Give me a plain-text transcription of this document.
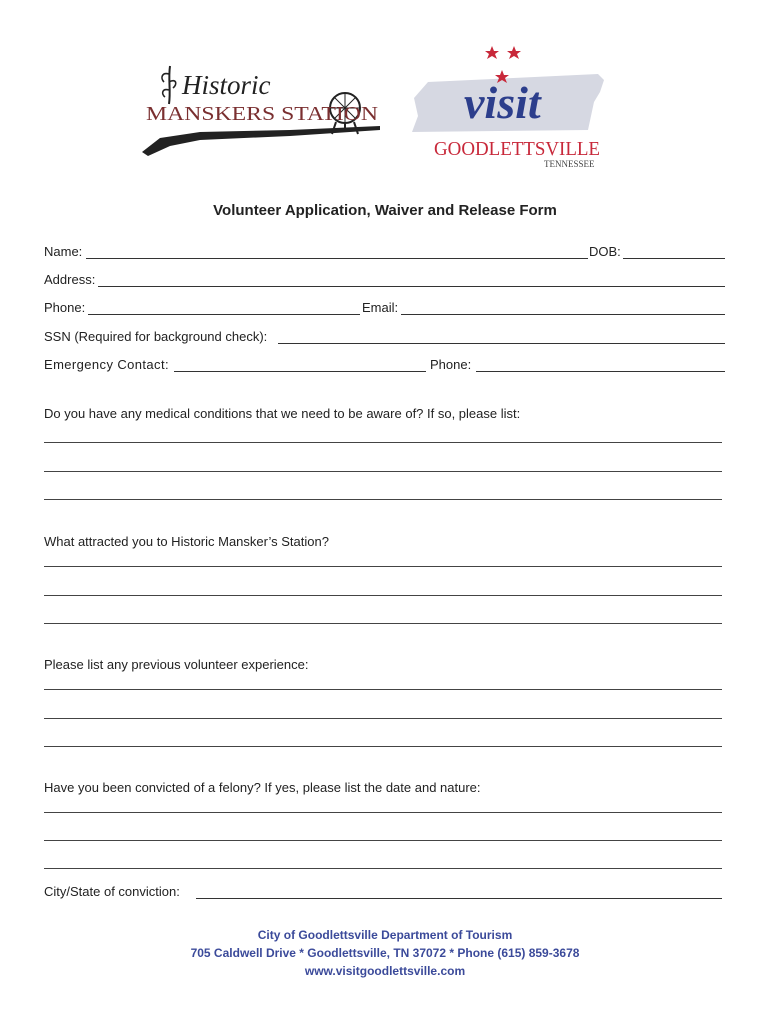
Historic
MANSKERS STATION visit
GOODLETTSVILLE
TENNESSEE
Volunteer Application, Waiver and Release Form
Name:	DOB:
Address:
Phone:	Email:
SSN (Required for background check):
Emergency Contact:	Phone:
Do you have any medical conditions that we need to be aware of? If so, please list:
What attracted you to Historic Mansker’s Station?
Please list any previous volunteer experience:
Have you been convicted of a felony? If yes, please list the date and nature:
City/State of conviction:
City of Goodlettsville Department of Tourism
705 Caldwell Drive * Goodlettsville, TN 37072 * Phone (615) 859-3678
www.visitgoodlettsville.com
